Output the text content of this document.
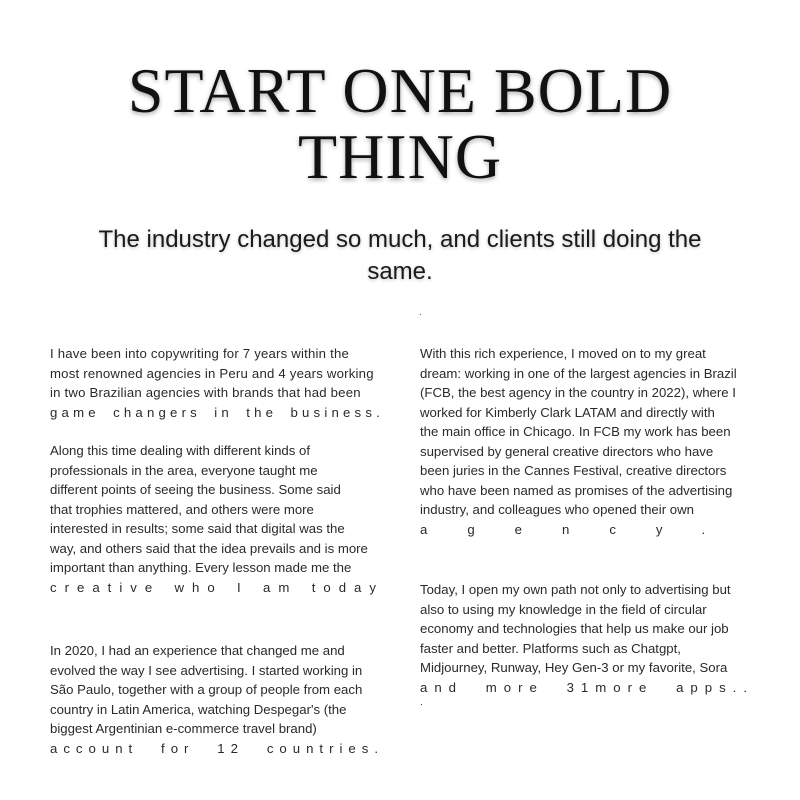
START ONE BOLD
THING
The industry changed so much, and clients still doing the
same.
.

I have been into copywriting for 7 years within the
most renowned agencies in Peru and 4 years working
in two Brazilian agencies with brands that had been

game changers in the business.

Along this time dealing with different kinds of
professionals in the area, everyone taught me
different points of seeing the business. Some said
that trophies mattered, and others were more
interested in results; some said that digital was the
way, and others said that the idea prevails and is more
important than anything. Every lesson made me the

creative who I am today

In 2020, I had an experience that changed me and
evolved the way I see advertising. I started working in
São Paulo, together with a group of people from each
country in Latin America, watching Despegar's (the
biggest Argentinian e-commerce travel brand)

account for 12 countries.

With this rich experience, I moved on to my great
dream: working in one of the largest agencies in Brazil
(FCB, the best agency in the country in 2022), where I
worked for Kimberly Clark LATAM and directly with
the main office in Chicago. In FCB my work has been
supervised by general creative directors who have
been juries in the Cannes Festival, creative directors
who have been named as promises of the advertising
industry, and colleagues who opened their own

agency.

Today, I open my own path not only to advertising but
also to using my knowledge in the field of circular
economy and technologies that help us make our job
faster and better. Platforms such as Chatgpt,
Midjourney, Runway, Hey Gen-3 or my favorite, Sora

and more 31more apps..

.
